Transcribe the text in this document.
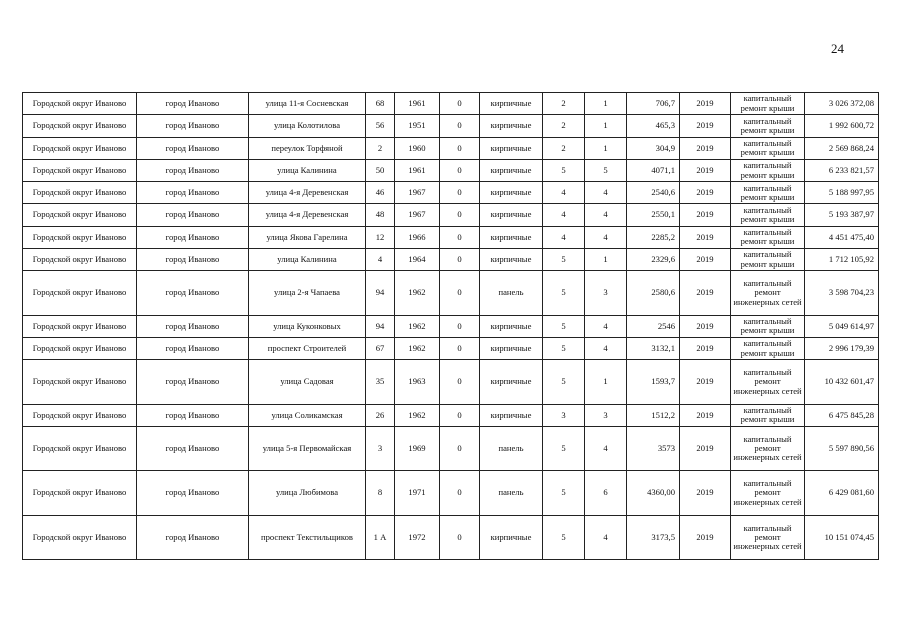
24
Городской округ Иваново	город Иваново	улица 11-я Сосневская	68	1961	0	кирпичные	2	1	706,7	2019	капитальный ремонт крыши	3 026 372,08
Городской округ Иваново	город Иваново	улица Колотилова	56	1951	0	кирпичные	2	1	465,3	2019	капитальный ремонт крыши	1 992 600,72
Городской округ Иваново	город Иваново	переулок Торфяной	2	1960	0	кирпичные	2	1	304,9	2019	капитальный ремонт крыши	2 569 868,24
Городской округ Иваново	город Иваново	улица Калинина	50	1961	0	кирпичные	5	5	4071,1	2019	капитальный ремонт крыши	6 233 821,57
Городской округ Иваново	город Иваново	улица 4-я Деревенская	46	1967	0	кирпичные	4	4	2540,6	2019	капитальный ремонт крыши	5 188 997,95
Городской округ Иваново	город Иваново	улица 4-я Деревенская	48	1967	0	кирпичные	4	4	2550,1	2019	капитальный ремонт крыши	5 193 387,97
Городской округ Иваново	город Иваново	улица Якова Гарелина	12	1966	0	кирпичные	4	4	2285,2	2019	капитальный ремонт крыши	4 451 475,40
Городской округ Иваново	город Иваново	улица Калинина	4	1964	0	кирпичные	5	1	2329,6	2019	капитальный ремонт крыши	1 712 105,92
Городской округ Иваново	город Иваново	улица 2-я Чапаева	94	1962	0	панель	5	3	2580,6	2019	капитальный ремонт инженерных сетей	3 598 704,23
Городской округ Иваново	город Иваново	улица Куконковых	94	1962	0	кирпичные	5	4	2546	2019	капитальный ремонт крыши	5 049 614,97
Городской округ Иваново	город Иваново	проспект Строителей	67	1962	0	кирпичные	5	4	3132,1	2019	капитальный ремонт крыши	2 996 179,39
Городской округ Иваново	город Иваново	улица Садовая	35	1963	0	кирпичные	5	1	1593,7	2019	капитальный ремонт инженерных сетей	10 432 601,47
Городской округ Иваново	город Иваново	улица Соликамская	26	1962	0	кирпичные	3	3	1512,2	2019	капитальный ремонт крыши	6 475 845,28
Городской округ Иваново	город Иваново	улица 5-я Первомайская	3	1969	0	панель	5	4	3573	2019	капитальный ремонт инженерных сетей	5 597 890,56
Городской округ Иваново	город Иваново	улица Любимова	8	1971	0	панель	5	6	4360,00	2019	капитальный ремонт инженерных сетей	6 429 081,60
Городской округ Иваново	город Иваново	проспект Текстильщиков	1 А	1972	0	кирпичные	5	4	3173,5	2019	капитальный ремонт инженерных сетей	10 151 074,45
